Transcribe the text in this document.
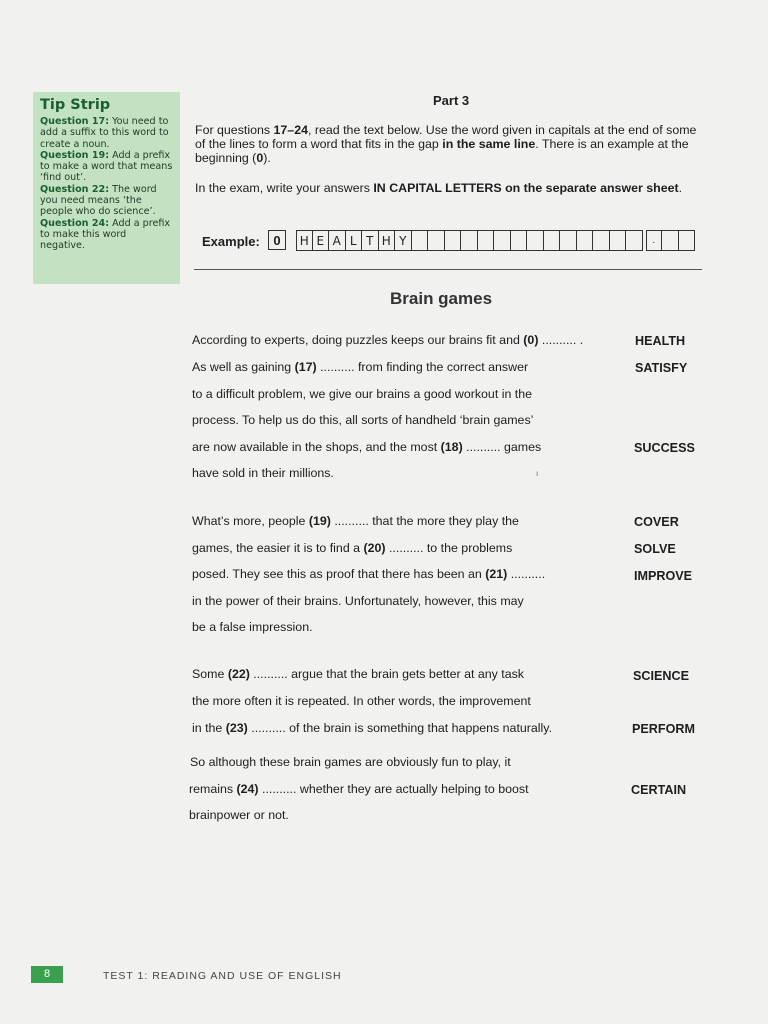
Tip Strip
Question 17: You need to add a suffix to this word to create a noun.
Question 19: Add a prefix to make a word that means ‘find out’.
Question 22: The word you need means ‘the people who do science’.
Question 24: Add a prefix to make this word negative.
Part 3
For questions 17–24, read the text below. Use the word given in capitals at the end of some of the lines to form a word that fits in the gap in the same line. There is an example at the beginning (0).
In the exam, write your answers IN CAPITAL LETTERS on the separate answer sheet.
Example:	0	H E A L T H Y	.
Brain games
According to experts, doing puzzles keeps our brains fit and (0) .......... .
As well as gaining (17) .......... from finding the correct answer
to a difficult problem, we give our brains a good workout in the
process. To help us do this, all sorts of handheld ‘brain games’
are now available in the shops, and the most (18) .......... games
have sold in their millions.	ı
What’s more, people (19) .......... that the more they play the
games, the easier it is to find a (20) .......... to the problems
posed. They see this as proof that there has been an (21) ..........
in the power of their brains. Unfortunately, however, this may
be a false impression.
Some (22) .......... argue that the brain gets better at any task
the more often it is repeated. In other words, the improvement
in the (23) .......... of the brain is something that happens naturally.
So although these brain games are obviously fun to play, it
remains (24) .......... whether they are actually helping to boost
brainpower or not.
HEALTH
SATISFY
SUCCESS
COVER
SOLVE
IMPROVE
SCIENCE
PERFORM
CERTAIN
8	TEST 1: READING AND USE OF ENGLISH
